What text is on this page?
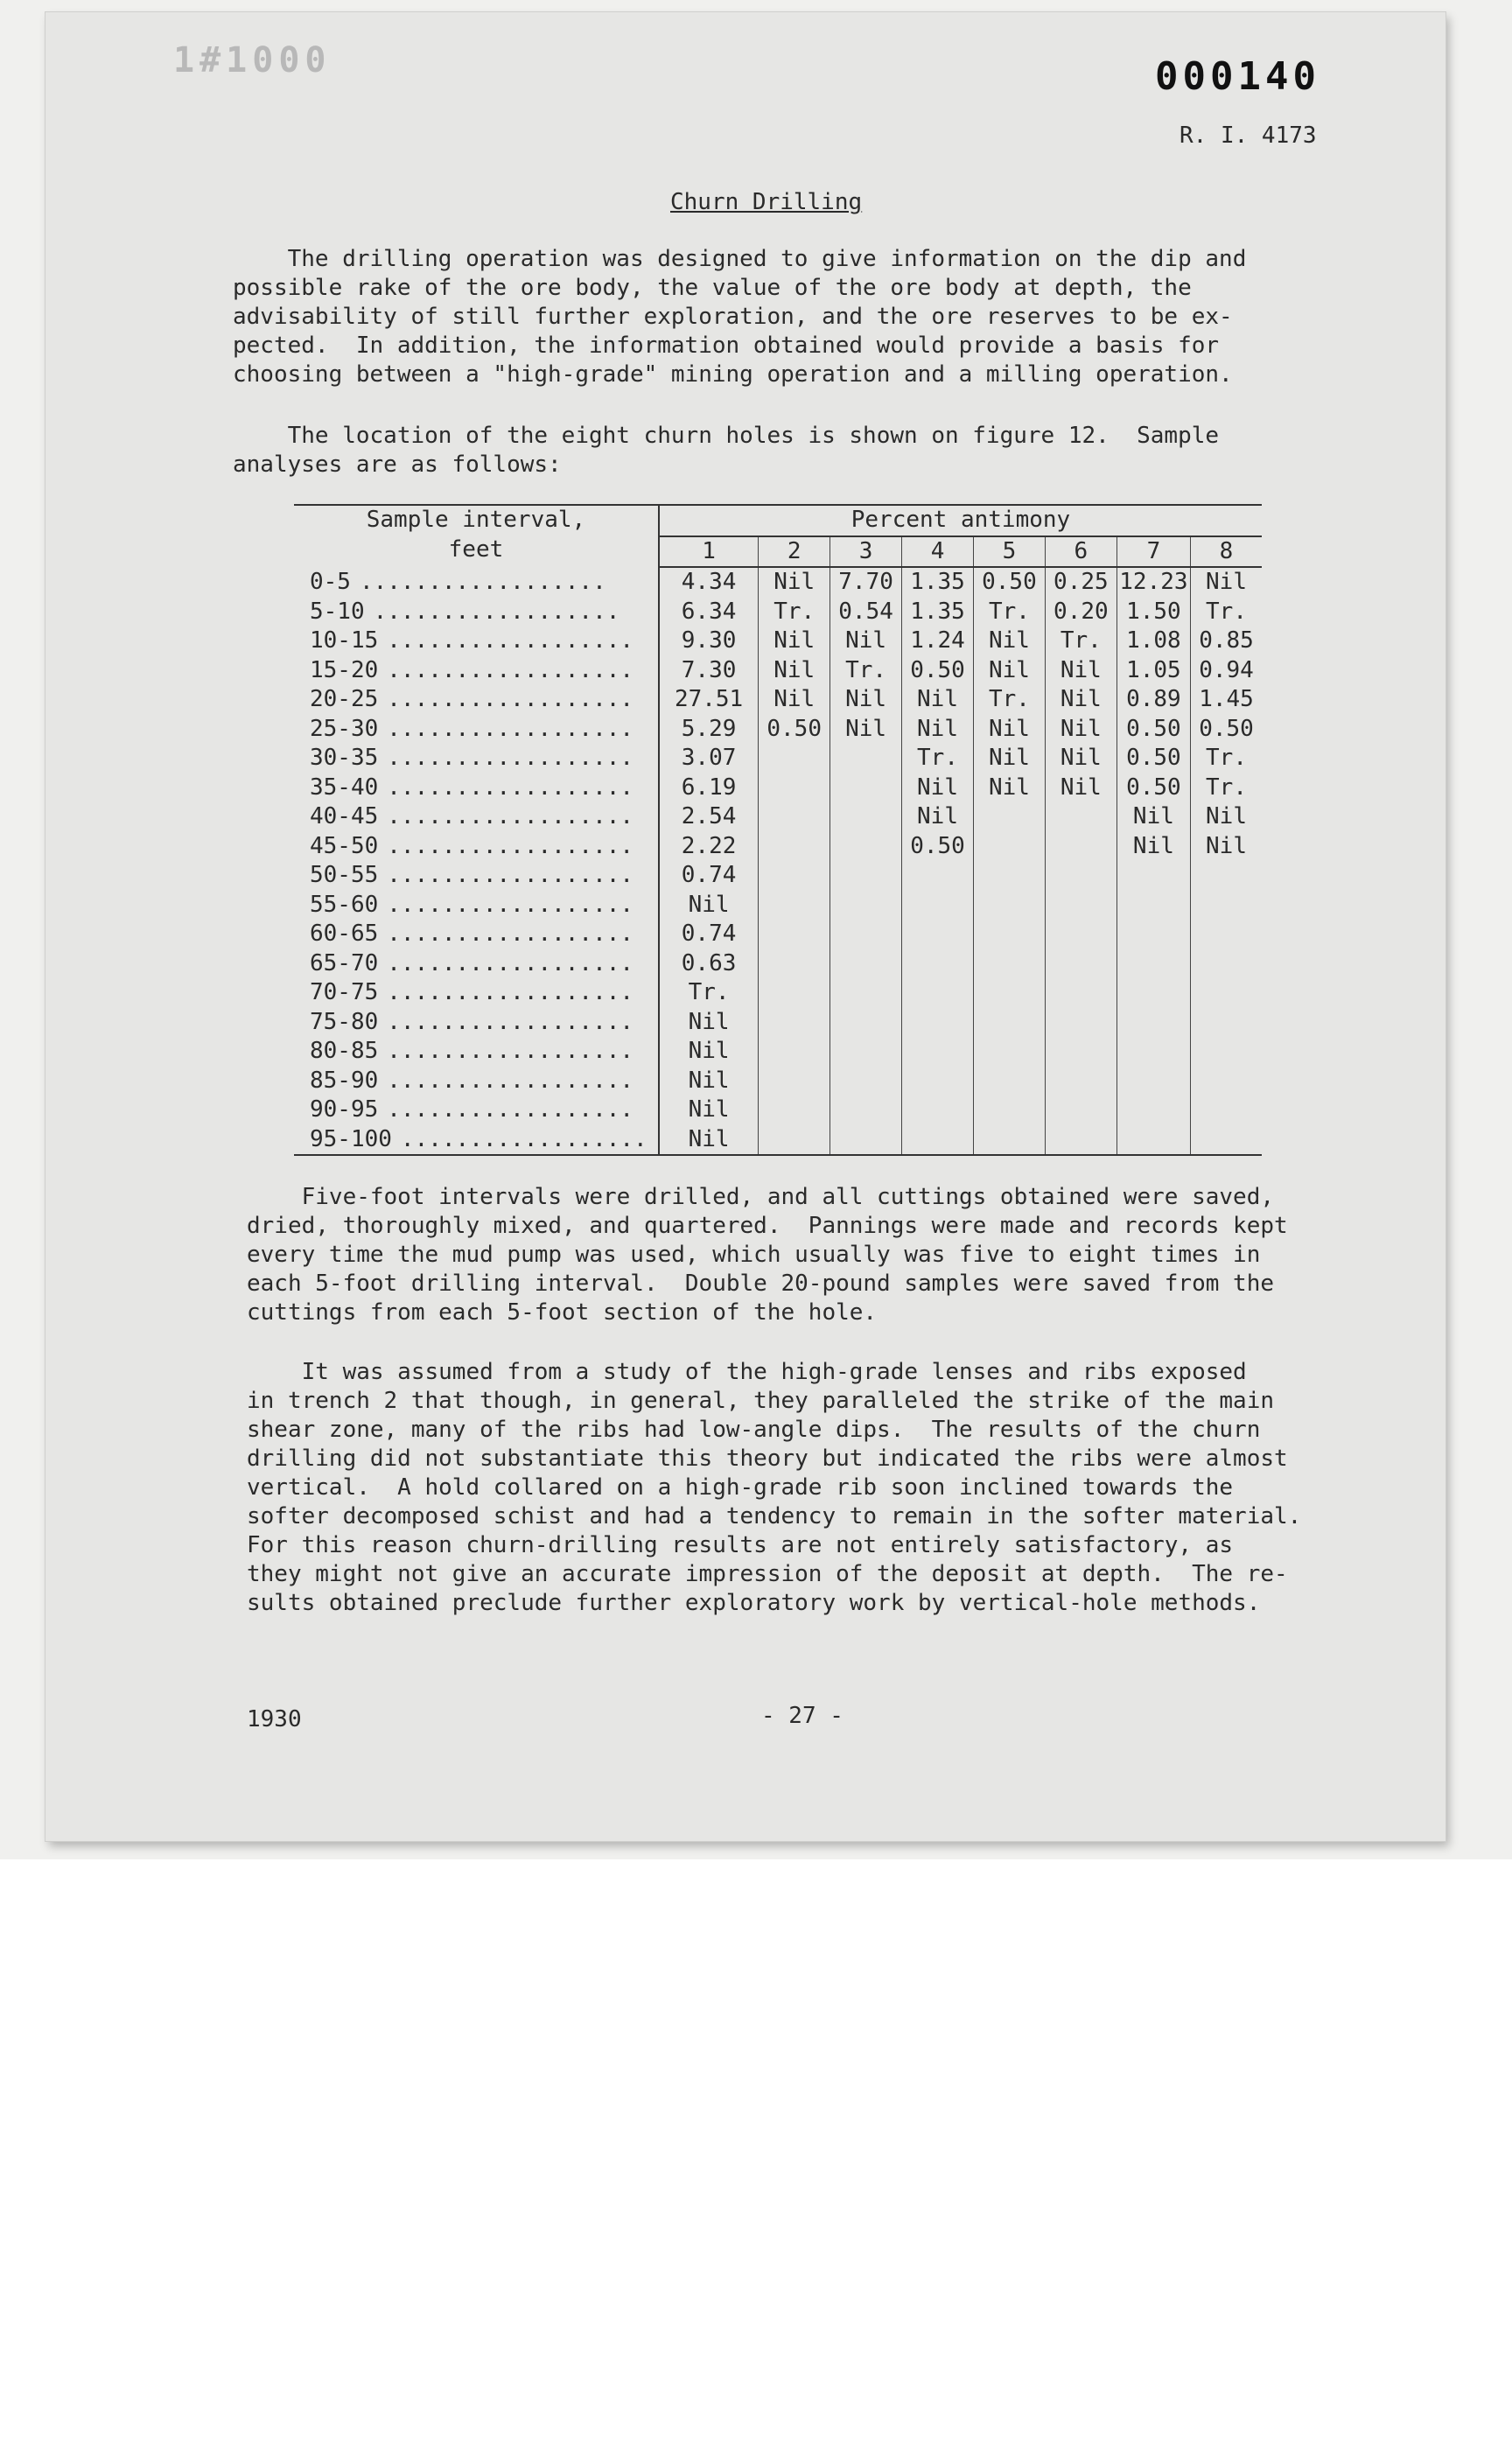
1#1000	000140
R. I. 4173
Churn Drilling

The drilling operation was designed to give information on the dip and
possible rake of the ore body, the value of the ore body at depth, the
advisability of still further exploration, and the ore reserves to be ex-
pected.  In addition, the information obtained would provide a basis for
choosing between a "high-grade" mining operation and a milling operation.

The location of the eight churn holes is shown on figure 12.  Sample
analyses are as follows:

Sample interval,
feet	Percent antimony							
	1	2	3	4	5	6	7	8
0-5 ..................	4.34	Nil	7.70	1.35	0.50	0.25	12.23	Nil
5-10 ..................	6.34	Tr.	0.54	1.35	Tr.	0.20	1.50	Tr.
10-15 ..................	9.30	Nil	Nil	1.24	Nil	Tr.	1.08	0.85
15-20 ..................	7.30	Nil	Tr.	0.50	Nil	Nil	1.05	0.94
20-25 ..................	27.51	Nil	Nil	Nil	Tr.	Nil	0.89	1.45
25-30 ..................	5.29	0.50	Nil	Nil	Nil	Nil	0.50	0.50
30-35 ..................	3.07			Tr.	Nil	Nil	0.50	Tr.
35-40 ..................	6.19			Nil	Nil	Nil	0.50	Tr.
40-45 ..................	2.54			Nil			Nil	Nil
45-50 ..................	2.22			0.50			Nil	Nil
50-55 ..................	0.74							
55-60 ..................	Nil							
60-65 ..................	0.74							
65-70 ..................	0.63							
70-75 ..................	Tr.							
75-80 ..................	Nil							
80-85 ..................	Nil							
85-90 ..................	Nil							
90-95 ..................	Nil							
95-100 ..................	Nil							

Five-foot intervals were drilled, and all cuttings obtained were saved,
dried, thoroughly mixed, and quartered.  Pannings were made and records kept
every time the mud pump was used, which usually was five to eight times in
each 5-foot drilling interval.  Double 20-pound samples were saved from the
cuttings from each 5-foot section of the hole.

It was assumed from a study of the high-grade lenses and ribs exposed
in trench 2 that though, in general, they paralleled the strike of the main
shear zone, many of the ribs had low-angle dips.  The results of the churn
drilling did not substantiate this theory but indicated the ribs were almost
vertical.  A hold collared on a high-grade rib soon inclined towards the
softer decomposed schist and had a tendency to remain in the softer material.
For this reason churn-drilling results are not entirely satisfactory, as
they might not give an accurate impression of the deposit at depth.  The re-
sults obtained preclude further exploratory work by vertical-hole methods.

1930	- 27 -
